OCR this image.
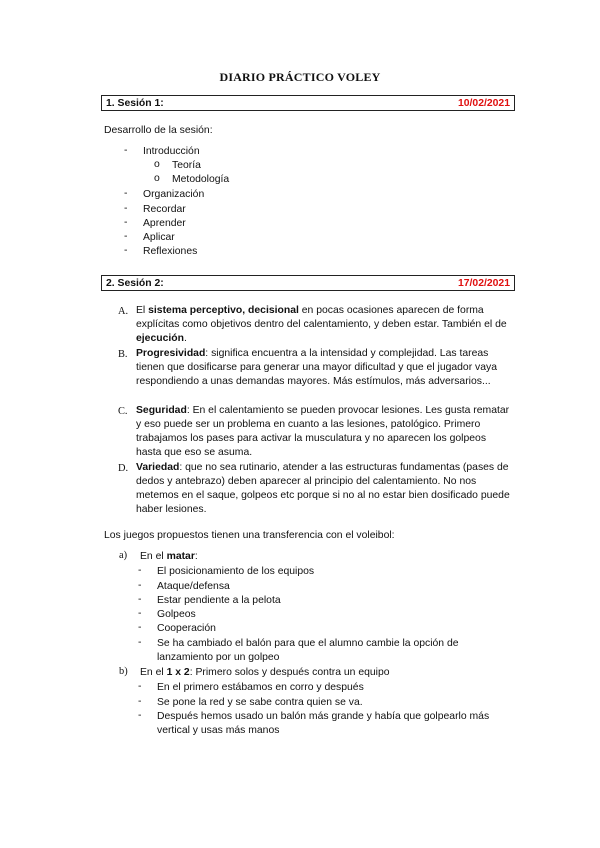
DIARIO PRÁCTICO VOLEY
1. Sesión 1:	10/02/2021
Desarrollo de la sesión:
- Introducción
o Teoría
o Metodología
- Organización
- Recordar
- Aprender
- Aplicar
- Reflexiones
2. Sesión 2:	17/02/2021
A. El sistema perceptivo, decisional en pocas ocasiones aparecen de forma explícitas como objetivos dentro del calentamiento, y deben estar. También el de ejecución.
B. Progresividad: significa encuentra a la intensidad y complejidad. Las tareas tienen que dosificarse para generar una mayor dificultad y que el jugador vaya respondiendo a unas demandas mayores. Más estímulos, más adversarios...
C. Seguridad: En el calentamiento se pueden provocar lesiones. Les gusta rematar y eso puede ser un problema en cuanto a las lesiones, patológico. Primero trabajamos los pases para activar la musculatura y no aparecen los golpeos hasta que eso se asuma.
D. Variedad: que no sea rutinario, atender a las estructuras fundamentas (pases de dedos y antebrazo) deben aparecer al principio del calentamiento. No nos metemos en el saque, golpeos etc porque si no al no estar bien dosificado puede haber lesiones.
Los juegos propuestos tienen una transferencia con el voleibol:
a) En el matar:
- El posicionamiento de los equipos
- Ataque/defensa
- Estar pendiente a la pelota
- Golpeos
- Cooperación
- Se ha cambiado el balón para que el alumno cambie la opción de
lanzamiento por un golpeo
b) En el 1 x 2: Primero solos y después contra un equipo
- En el primero estábamos en corro y después
- Se pone la red y se sabe contra quien se va.
- Después hemos usado un balón más grande y había que golpearlo más
vertical y usas más manos
